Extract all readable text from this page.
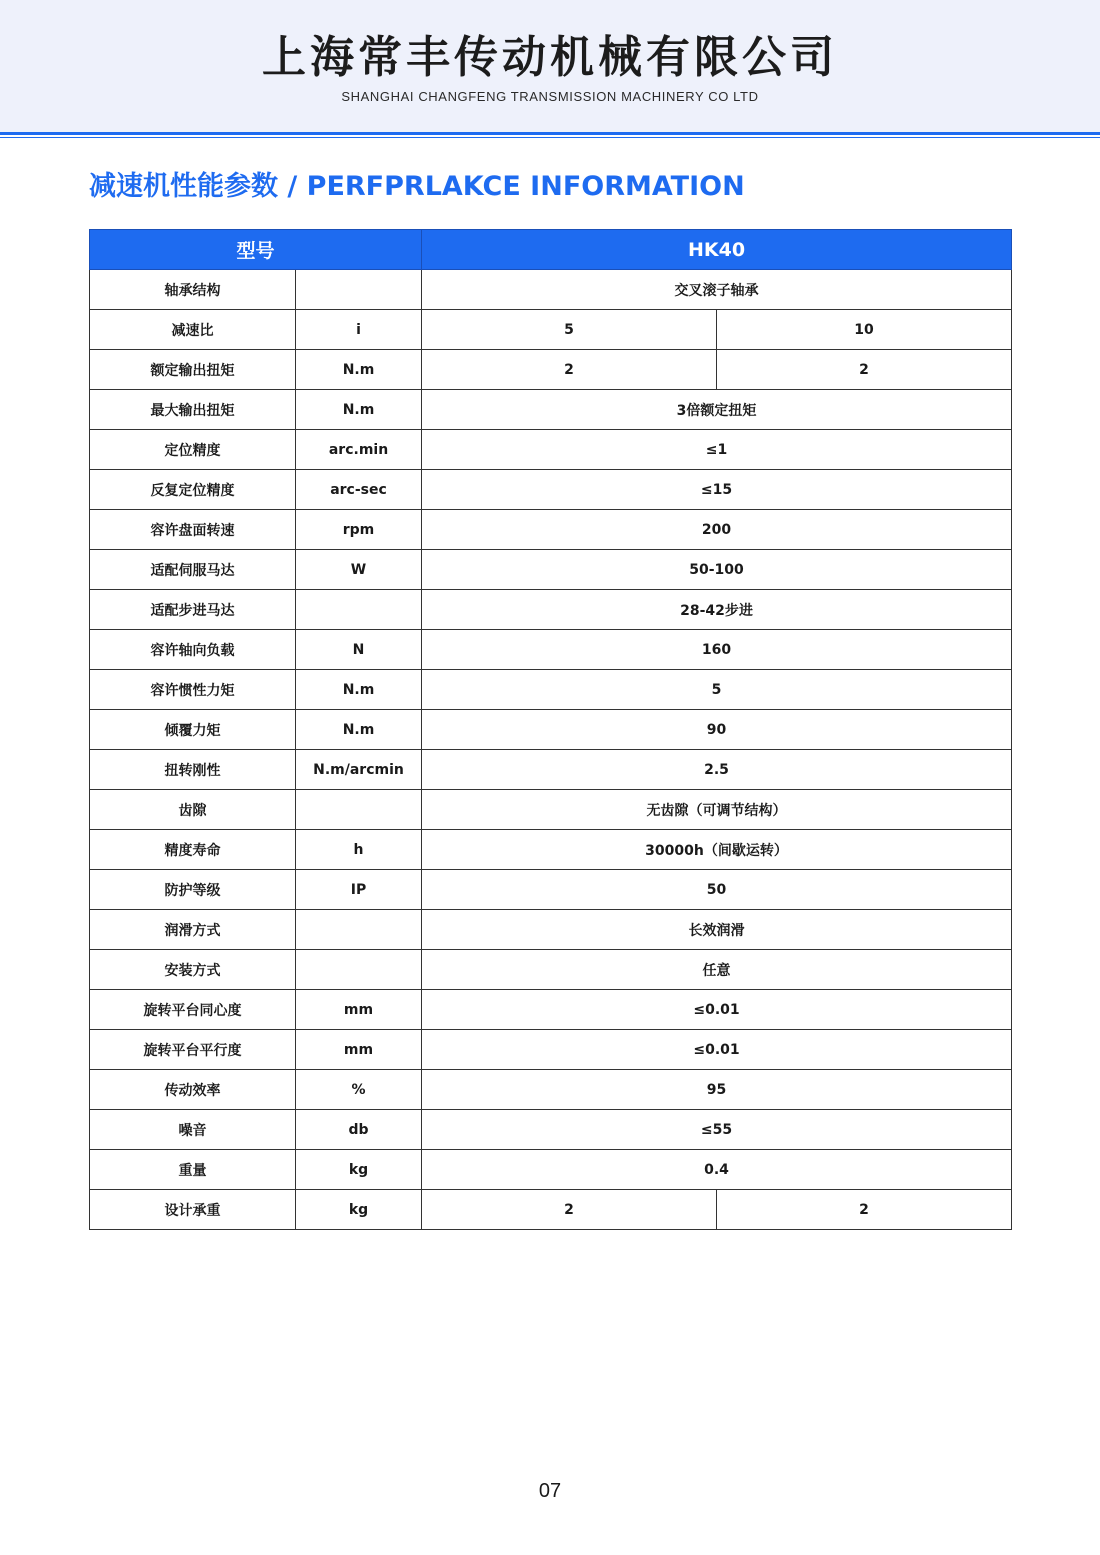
上海常丰传动机械有限公司
SHANGHAI CHANGFENG TRANSMISSION MACHINERY CO LTD
减速机性能参数 / PERFPRLAKCE INFORMATION
型号		HK40	
轴承结构		交叉滚子轴承	
减速比	i	5	10
额定输出扭矩	N.m	2	2
最大输出扭矩	N.m	3倍额定扭矩	
定位精度	arc.min	≤1	
反复定位精度	arc-sec	≤15	
容许盘面转速	rpm	200	
适配伺服马达	W	50-100	
适配步进马达		28-42步进	
容许轴向负载	N	160	
容许惯性力矩	N.m	5	
倾覆力矩	N.m	90	
扭转刚性	N.m/arcmin	2.5	
齿隙		无齿隙（可调节结构）	
精度寿命	h	30000h（间歇运转）	
防护等级	IP	50	
润滑方式		长效润滑	
安装方式		任意	
旋转平台同心度	mm	≤0.01	
旋转平台平行度	mm	≤0.01	
传动效率	%	95	
噪音	db	≤55	
重量	kg	0.4	
设计承重	kg	2	2
07
